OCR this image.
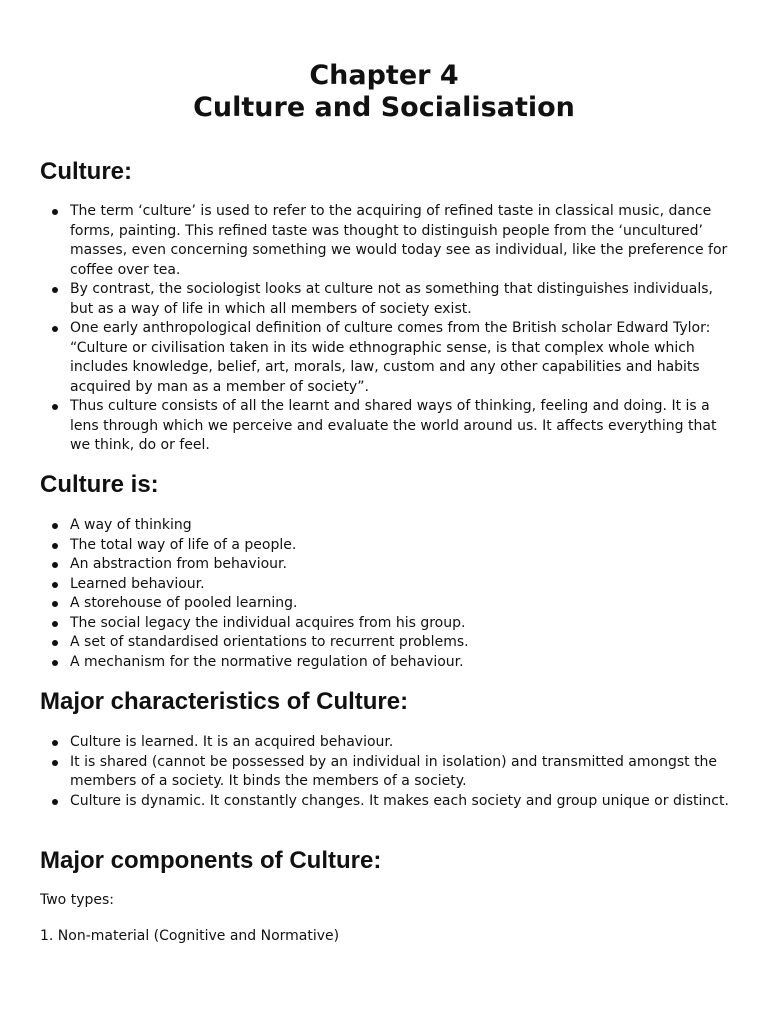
Chapter 4
Culture and Socialisation
Culture:
The term ‘culture’ is used to refer to the acquiring of refined taste in classical music, dance forms, painting. This refined taste was thought to distinguish people from the ‘uncultured’ masses, even concerning something we would today see as individual, like the preference for coffee over tea.
By contrast, the sociologist looks at culture not as something that distinguishes individuals, but as a way of life in which all members of society exist.
One early anthropological definition of culture comes from the British scholar Edward Tylor: “Culture or civilisation taken in its wide ethnographic sense, is that complex whole which includes knowledge, belief, art, morals, law, custom and any other capabilities and habits acquired by man as a member of society”.
Thus culture consists of all the learnt and shared ways of thinking, feeling and doing. It is a lens through which we perceive and evaluate the world around us. It affects everything that we think, do or feel.
Culture is:
A way of thinking
The total way of life of a people.
An abstraction from behaviour.
Learned behaviour.
A storehouse of pooled learning.
The social legacy the individual acquires from his group.
A set of standardised orientations to recurrent problems.
A mechanism for the normative regulation of behaviour.
Major characteristics of Culture:
Culture is learned. It is an acquired behaviour.
It is shared (cannot be possessed by an individual in isolation) and transmitted amongst the members of a society. It binds the members of a society.
Culture is dynamic. It constantly changes. It makes each society and group unique or distinct.
Major components of Culture:

Two types:

1. Non-material (Cognitive and Normative)
